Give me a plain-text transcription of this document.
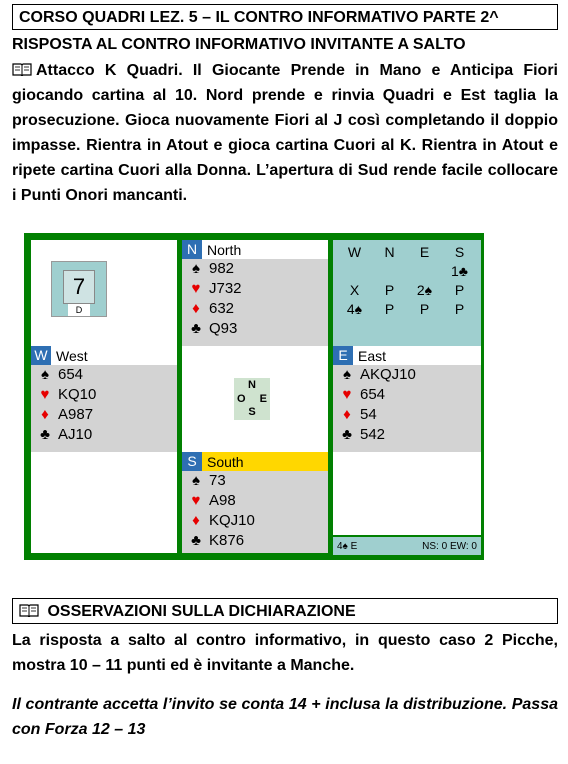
CORSO QUADRI LEZ. 5 – IL CONTRO INFORMATIVO PARTE 2^
RISPOSTA AL CONTRO INFORMATIVO INVITANTE A SALTO
Attacco K Quadri. Il Giocante Prende in Mano e Anticipa Fiori giocando cartina al 10. Nord prende e rinvia Quadri e Est taglia la prosecuzione. Gioca nuovamente Fiori al J così completando il doppio impasse. Rientra in Atout e gioca cartina Cuori al K. Rientra in Atout e ripete cartina Cuori alla Donna. L’apertura di Sud rende facile collocare i Punti Onori mancanti.
7
D
N North
♠ 982
♥ J732
♦ 632
♣ Q93
W	N	E	S
			1♣
X	P	2♠	P
4♠	P	P	P
W West
♠ 654
♥ KQ10
♦ A987
♣ AJ10
N
O E
S
E East
♠ AKQJ10
♥ 654
♦ 54
♣ 542
S South
♠ 73
♥ A98
♦ KQJ10
♣ K876	4♠ E	NS: 0 EW: 0
OSSERVAZIONI SULLA DICHIARAZIONE
La risposta a salto al contro informativo, in questo caso 2 Picche, mostra 10 – 11 punti ed è invitante a Manche.
Il contrante accetta l’invito se conta 14 + inclusa la distribuzione. Passa con Forza 12 – 13
